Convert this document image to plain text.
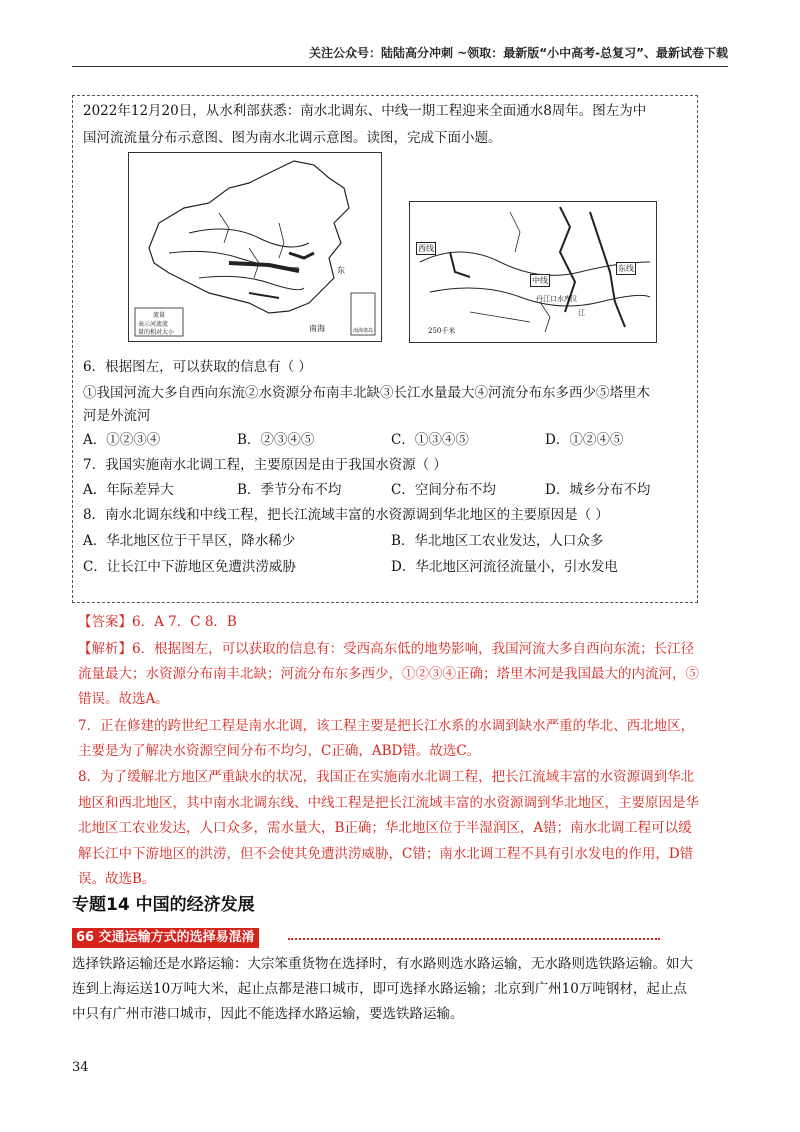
关注公众号：陆陆高分冲刺 ~领取：最新版“小中高考-总复习”、最新试卷下载
2022年12月20日，从水利部获悉：南水北调东、中线一期工程迎来全面通水8周年。图左为中
国河流流量分布示意图、图为南水北调示意图。读图，完成下面小题。
东
南海
流量
表示河流流
量的相对大小	南海诸岛
西线
中线
东线
丹江口水库 汉
江
250千米
6．根据图左，可以获取的信息有（ ）
①我国河流大多自西向东流②水资源分布南丰北缺③长江水量最大④河流分布东多西少⑤塔里木
河是外流河
A．①②③④	B．②③④⑤	C．①③④⑤	D．①②④⑤
7．我国实施南水北调工程，主要原因是由于我国水资源（ ）
A．年际差异大	B．季节分布不均	C．空间分布不均	D．城乡分布不均
8．南水北调东线和中线工程，把长江流域丰富的水资源调到华北地区的主要原因是（ ）
A．华北地区位于干旱区，降水稀少	B．华北地区工农业发达，人口众多
C．让长江中下游地区免遭洪涝威胁	D．华北地区河流径流量小，引水发电
【答案】6．A 7．C 8．B
【解析】6．根据图左，可以获取的信息有：受西高东低的地势影响，我国河流大多自西向东流；长江径
流量最大；水资源分布南丰北缺；河流分布东多西少，①②③④正确；塔里木河是我国最大的内流河，⑤
错误。故选A。
7．正在修建的跨世纪工程是南水北调，该工程主要是把长江水系的水调到缺水严重的华北、西北地区，
主要是为了解决水资源空间分布不均匀，C正确，ABD错。故选C。
8．为了缓解北方地区严重缺水的状况，我国正在实施南水北调工程，把长江流域丰富的水资源调到华北
地区和西北地区，其中南水北调东线、中线工程是把长江流域丰富的水资源调到华北地区，主要原因是华
北地区工农业发达，人口众多，需水量大，B正确；华北地区位于半湿润区，A错；南水北调工程可以缓
解长江中下游地区的洪涝，但不会使其免遭洪涝威胁，C错；南水北调工程不具有引水发电的作用，D错
误。故选B。
专题14 中国的经济发展
66 交通运输方式的选择易混淆
选择铁路运输还是水路运输：大宗笨重货物在选择时，有水路则选水路运输，无水路则选铁路运输。如大
连到上海运送10万吨大米，起止点都是港口城市，即可选择水路运输；北京到广州10万吨钢材，起止点
中只有广州市港口城市，因此不能选择水路运输，要选铁路运输。
34
